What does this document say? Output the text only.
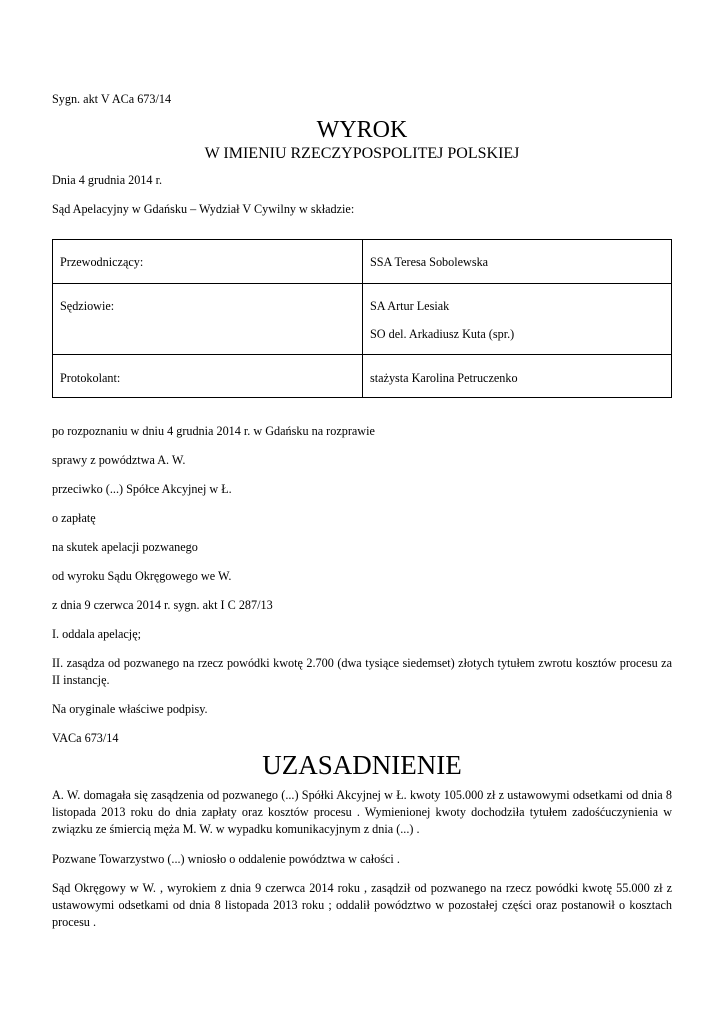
Sygn. akt V ACa 673/14
WYROK
W IMIENIU RZECZYPOSPOLITEJ POLSKIEJ
Dnia 4 grudnia 2014 r.
Sąd Apelacyjny w Gdańsku – Wydział V Cywilny w składzie:
Przewodniczący:	SSA Teresa Sobolewska

Sędziowie:	SA Artur Lesiak
SO del. Arkadiusz Kuta (spr.)

Protokolant:	stażysta Karolina Petruczenko
po rozpoznaniu w dniu 4 grudnia 2014 r. w Gdańsku na rozprawie
sprawy z powództwa A. W.
przeciwko (...) Spółce Akcyjnej w Ł.
o zapłatę
na skutek apelacji pozwanego
od wyroku Sądu Okręgowego we W.
z dnia 9 czerwca 2014 r. sygn. akt I C 287/13
I. oddala apelację;
II. zasądza od pozwanego na rzecz powódki kwotę 2.700 (dwa tysiące siedemset) złotych tytułem zwrotu kosztów procesu za II instancję.
Na oryginale właściwe podpisy.
VACa 673/14
UZASADNIENIE
A. W. domagała się zasądzenia od pozwanego (...) Spółki Akcyjnej w Ł. kwoty 105.000 zł z ustawowymi odsetkami od dnia 8 listopada 2013 roku do dnia zapłaty oraz kosztów procesu . Wymienionej kwoty dochodziła tytułem zadośćuczynienia w związku ze śmiercią męża M. W. w wypadku komunikacyjnym z dnia (...) .
Pozwane Towarzystwo (...) wniosło o oddalenie powództwa w całości .
Sąd Okręgowy w W. , wyrokiem z dnia 9 czerwca 2014 roku , zasądził od pozwanego na rzecz powódki kwotę 55.000 zł z ustawowymi odsetkami od dnia 8 listopada 2013 roku ; oddalił powództwo w pozostałej części oraz postanowił o kosztach procesu .
